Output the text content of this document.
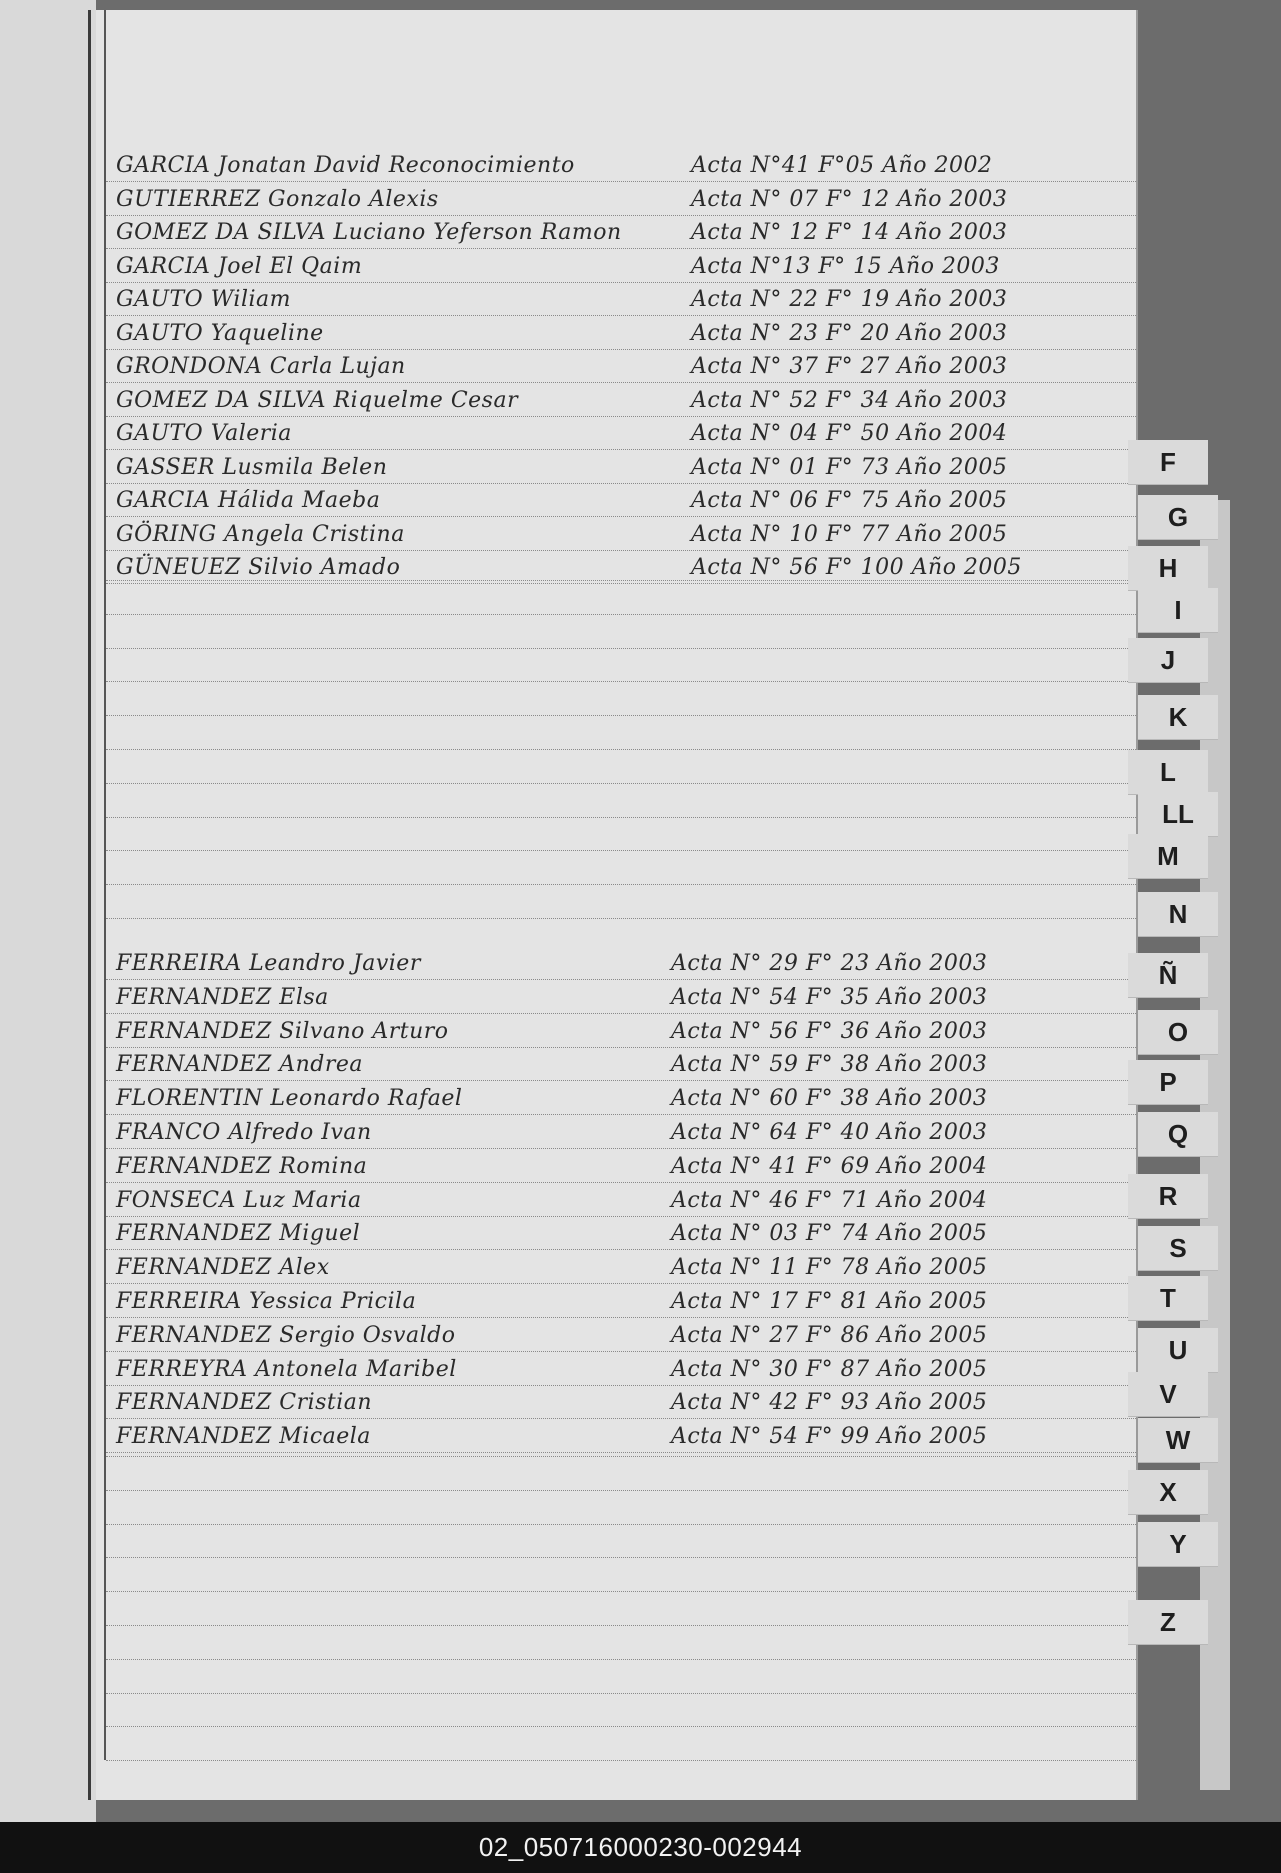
GARCIA Jonatan David Reconocimiento	Acta N°41 F°05 Año 2002
GUTIERREZ Gonzalo Alexis	Acta N° 07 F° 12 Año 2003
GOMEZ DA SILVA Luciano Yeferson Ramon	Acta N° 12 F° 14 Año 2003
GARCIA Joel El Qaim	Acta N°13 F° 15 Año 2003
GAUTO Wiliam	Acta N° 22 F° 19 Año 2003
GAUTO Yaqueline	Acta N° 23 F° 20 Año 2003
GRONDONA Carla Lujan	Acta N° 37 F° 27 Año 2003
GOMEZ DA SILVA Riquelme Cesar	Acta N° 52 F° 34 Año 2003
GAUTO Valeria	Acta N° 04 F° 50 Año 2004
GASSER Lusmila Belen	Acta N° 01 F° 73 Año 2005
GARCIA Hálida Maeba	Acta N° 06 F° 75 Año 2005
GÖRING Angela Cristina	Acta N° 10 F° 77 Año 2005
GÜNEUEZ Silvio Amado	Acta N° 56 F° 100 Año 2005
FERREIRA Leandro Javier	Acta N° 29 F° 23 Año 2003
FERNANDEZ Elsa	Acta N° 54 F° 35 Año 2003
FERNANDEZ Silvano Arturo	Acta N° 56 F° 36 Año 2003
FERNANDEZ Andrea	Acta N° 59 F° 38 Año 2003
FLORENTIN Leonardo Rafael	Acta N° 60 F° 38 Año 2003
FRANCO Alfredo Ivan	Acta N° 64 F° 40 Año 2003
FERNANDEZ Romina	Acta N° 41 F° 69 Año 2004
FONSECA Luz Maria	Acta N° 46 F° 71 Año 2004
FERNANDEZ Miguel	Acta N° 03 F° 74 Año 2005
FERNANDEZ Alex	Acta N° 11 F° 78 Año 2005
FERREIRA Yessica Pricila	Acta N° 17 F° 81 Año 2005
FERNANDEZ Sergio Osvaldo	Acta N° 27 F° 86 Año 2005
FERREYRA Antonela Maribel	Acta N° 30 F° 87 Año 2005
FERNANDEZ Cristian	Acta N° 42 F° 93 Año 2005
FERNANDEZ Micaela	Acta N° 54 F° 99 Año 2005
F
G
H
I
J
K
L
LL
M
N
Ñ
O
P
Q
R
S
T
U
V
W
X
Y
Z
02_050716000230-002944
